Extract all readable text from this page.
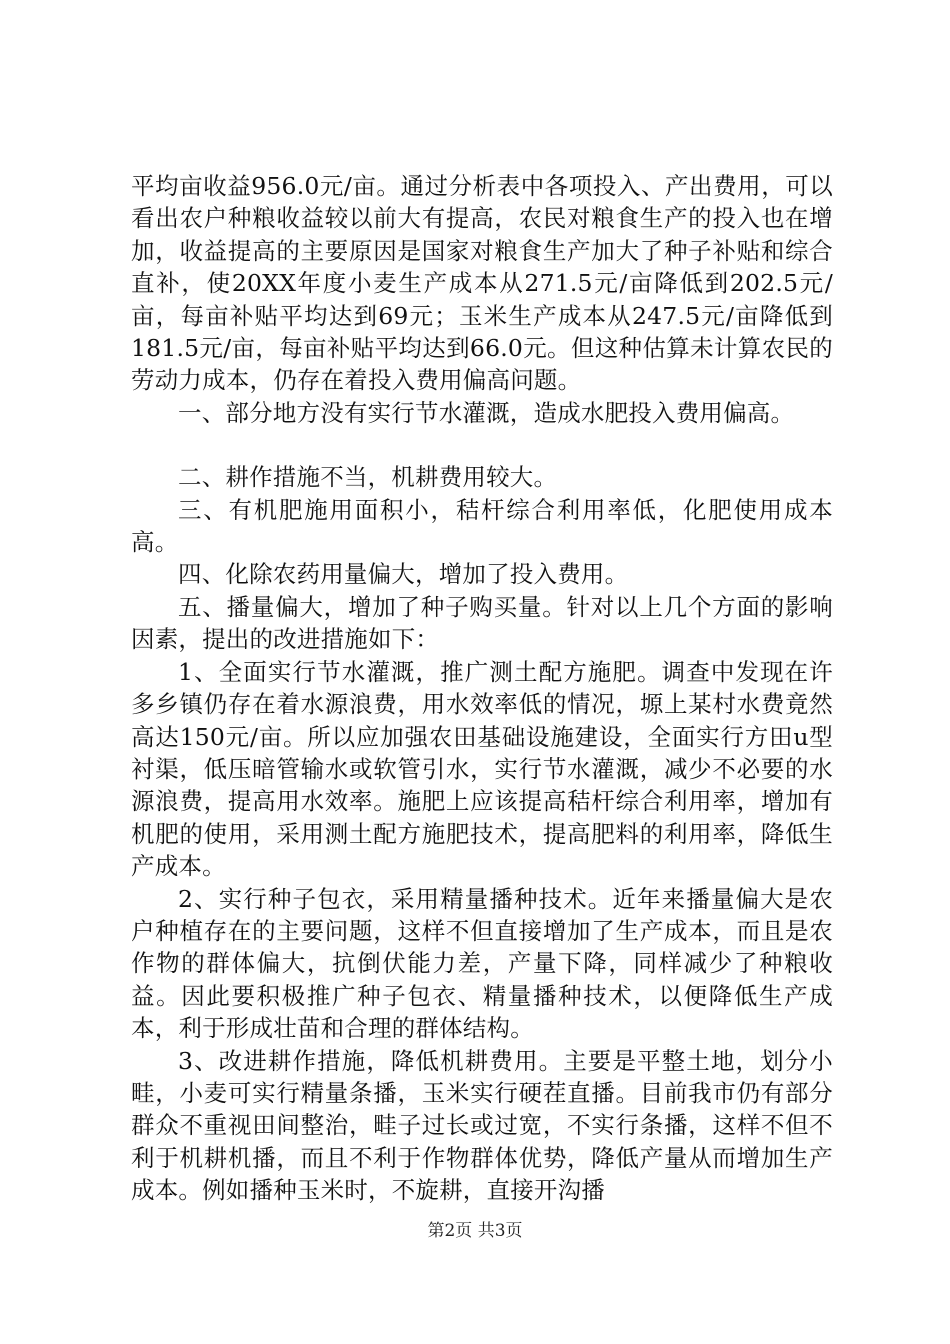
平均亩收益956.0元/亩。通过分析表中各项投入、产出费用，可以看出农户种粮收益较以前大有提高，农民对粮食生产的投入也在增加，收益提高的主要原因是国家对粮食生产加大了种子补贴和综合直补，使20XX年度小麦生产成本从271.5元/亩降低到202.5元/亩，每亩补贴平均达到69元；玉米生产成本从247.5元/亩降低到181.5元/亩，每亩补贴平均达到66.0元。但这种估算未计算农民的劳动力成本，仍存在着投入费用偏高问题。

一、部分地方没有实行节水灌溉，造成水肥投入费用偏高。

二、耕作措施不当，机耕费用较大。

三、有机肥施用面积小，秸杆综合利用率低，化肥使用成本高。

四、化除农药用量偏大，增加了投入费用。

五、播量偏大，增加了种子购买量。针对以上几个方面的影响因素，提出的改进措施如下：

1、全面实行节水灌溉，推广测土配方施肥。调查中发现在许多乡镇仍存在着水源浪费，用水效率低的情况，塬上某村水费竟然高达150元/亩。所以应加强农田基础设施建设，全面实行方田u型衬渠，低压暗管输水或软管引水，实行节水灌溉，减少不必要的水源浪费，提高用水效率。施肥上应该提高秸杆综合利用率，增加有机肥的使用，采用测土配方施肥技术，提高肥料的利用率，降低生产成本。

2、实行种子包衣，采用精量播种技术。近年来播量偏大是农户种植存在的主要问题，这样不但直接增加了生产成本，而且是农作物的群体偏大，抗倒伏能力差，产量下降，同样减少了种粮收益。因此要积极推广种子包衣、精量播种技术，以便降低生产成本，利于形成壮苗和合理的群体结构。

3、改进耕作措施，降低机耕费用。主要是平整土地，划分小畦，小麦可实行精量条播，玉米实行硬茬直播。目前我市仍有部分群众不重视田间整治，畦子过长或过宽，不实行条播，这样不但不利于机耕机播，而且不利于作物群体优势，降低产量从而增加生产成本。例如播种玉米时，不旋耕，直接开沟播

第2页 共3页
